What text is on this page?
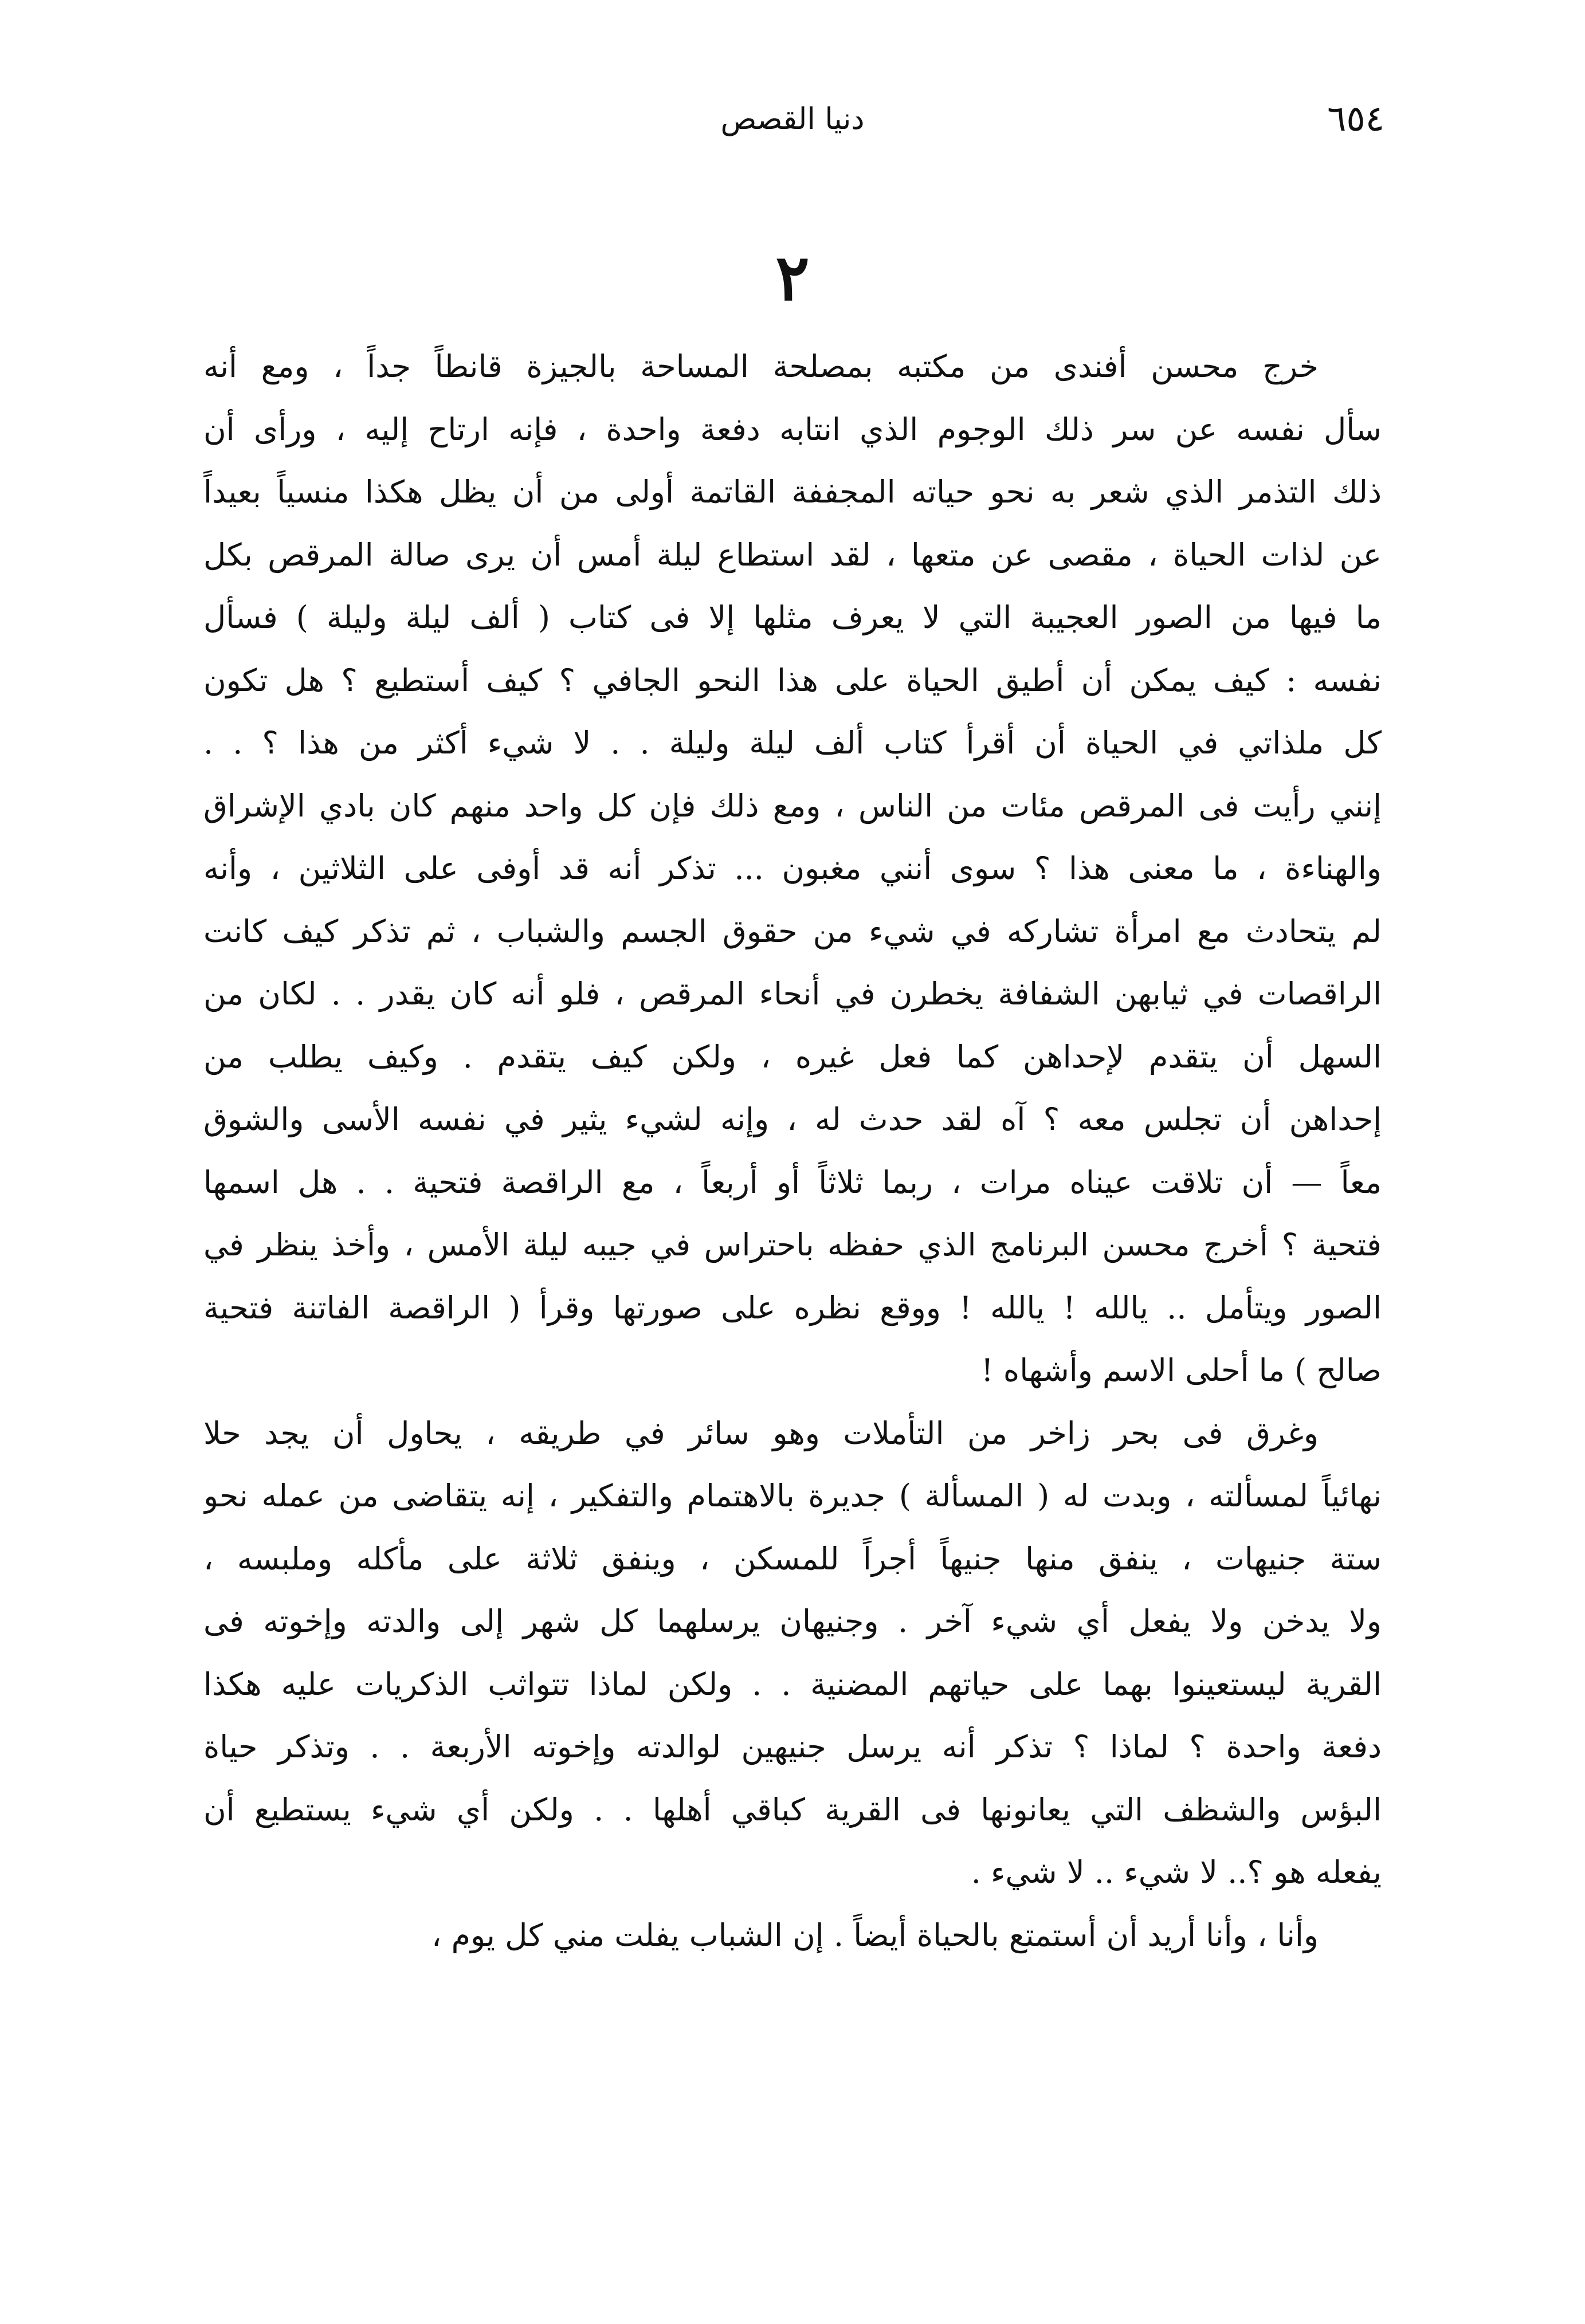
٦٥٤
دنيا القصص
٢
خرج محسن أفندى من مكتبه بمصلحة المساحة بالجيزة قانطاً جداً ، ومع أنه
سأل نفسه عن سر ذلك الوجوم الذي انتابه دفعة واحدة ، فإنه ارتاح إليه ، ورأى أن
ذلك التذمر الذي شعر به نحو حياته المجففة القاتمة أولى من أن يظل هكذا منسياً بعيداً
عن لذات الحياة ، مقصى عن متعها ، لقد استطاع ليلة أمس أن يرى صالة المرقص بكل
ما فيها من الصور العجيبة التي لا يعرف مثلها إلا فى كتاب ( ألف ليلة وليلة ) فسأل
نفسه : كيف يمكن أن أطيق الحياة على هذا النحو الجافي ؟ كيف أستطيع ؟ هل تكون
كل ملذاتي في الحياة أن أقرأ كتاب ألف ليلة وليلة . . لا شيء أكثر من هذا ؟ . .
إنني رأيت فى المرقص مئات من الناس ، ومع ذلك فإن كل واحد منهم كان بادي الإشراق
والهناءة ، ما معنى هذا ؟ سوى أنني مغبون ... تذكر أنه قد أوفى على الثلاثين ، وأنه
لم يتحادث مع امرأة تشاركه في شيء من حقوق الجسم والشباب ، ثم تذكر كيف كانت
الراقصات في ثيابهن الشفافة يخطرن في أنحاء المرقص ، فلو أنه كان يقدر . . لكان من
السهل أن يتقدم لإحداهن كما فعل غيره ، ولكن كيف يتقدم . وكيف يطلب من
إحداهن أن تجلس معه ؟ آه لقد حدث له ، وإنه لشيء يثير في نفسه الأسى والشوق
معاً — أن تلاقت عيناه مرات ، ربما ثلاثاً أو أربعاً ، مع الراقصة فتحية . . هل اسمها
فتحية ؟ أخرج محسن البرنامج الذي حفظه باحتراس في جيبه ليلة الأمس ، وأخذ ينظر في
الصور ويتأمل .. يالله ! يالله ! ووقع نظره على صورتها وقرأ ( الراقصة الفاتنة فتحية
صالح ) ما أحلى الاسم وأشهاه !
وغرق فى بحر زاخر من التأملات وهو سائر في طريقه ، يحاول أن يجد حلا
نهائياً لمسألته ، وبدت له ( المسألة ) جديرة بالاهتمام والتفكير ، إنه يتقاضى من عمله نحو
ستة جنيهات ، ينفق منها جنيهاً أجراً للمسكن ، وينفق ثلاثة على مأكله وملبسه ،
ولا يدخن ولا يفعل أي شيء آخر . وجنيهان يرسلهما كل شهر إلى والدته وإخوته فى
القرية ليستعينوا بهما على حياتهم المضنية . . ولكن لماذا تتواثب الذكريات عليه هكذا
دفعة واحدة ؟ لماذا ؟ تذكر أنه يرسل جنيهين لوالدته وإخوته الأربعة . . وتذكر حياة
البؤس والشظف التي يعانونها فى القرية كباقي أهلها . . ولكن أي شيء يستطيع أن
يفعله هو ؟.. لا شيء .. لا شيء .
وأنا ، وأنا أريد أن أستمتع بالحياة أيضاً . إن الشباب يفلت مني كل يوم ،
